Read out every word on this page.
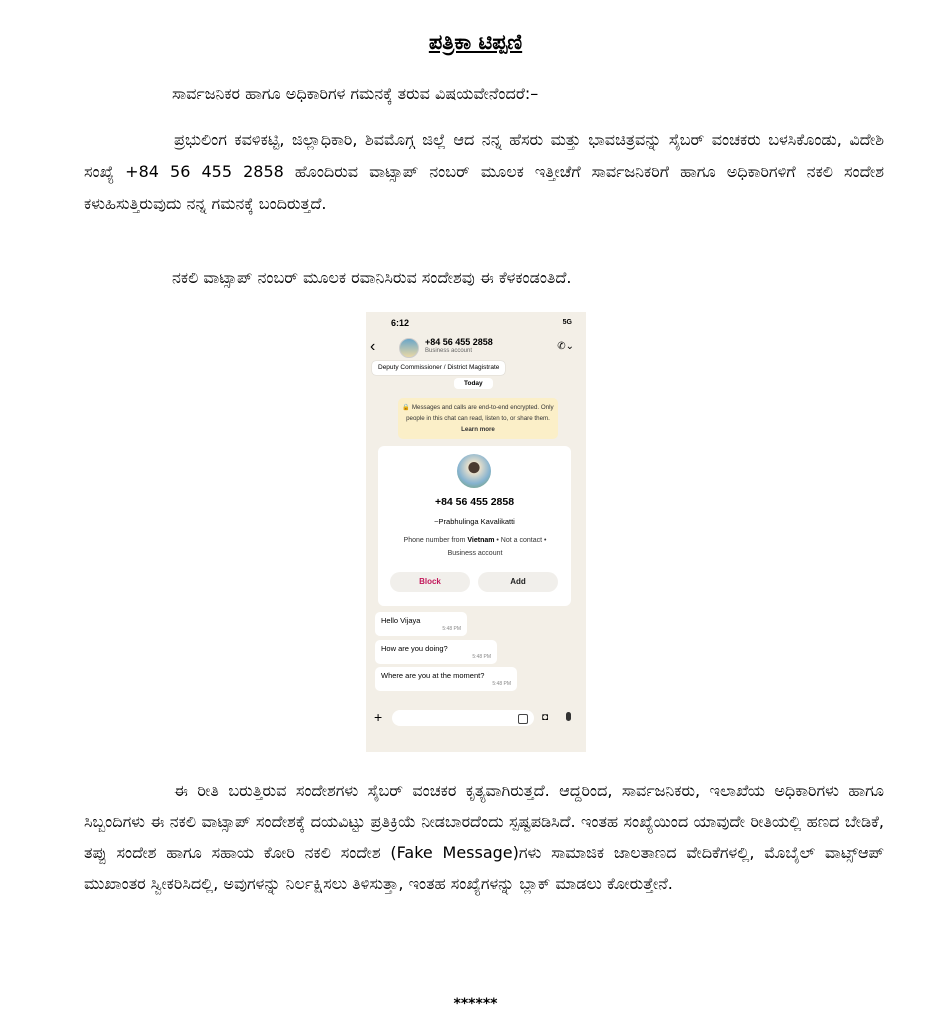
ಪತ್ರಿಕಾ ಟಿಪ್ಪಣಿ
ಸಾರ್ವಜನಿಕರ ಹಾಗೂ ಅಧಿಕಾರಿಗಳ ಗಮನಕ್ಕೆ ತರುವ ವಿಷಯವೇನೆಂದರೆ:–
ಪ್ರಭುಲಿಂಗ ಕವಳಿಕಟ್ಟಿ, ಜಿಲ್ಲಾಧಿಕಾರಿ, ಶಿವಮೊಗ್ಗ ಜಿಲ್ಲೆ ಆದ ನನ್ನ ಹೆಸರು ಮತ್ತು ಭಾವಚಿತ್ರವನ್ನು ಸೈಬರ್ ವಂಚಕರು ಬಳಸಿಕೊಂಡು, ವಿದೇಶಿ ಸಂಖ್ಯೆ +84 56 455 2858 ಹೊಂದಿರುವ ವಾಟ್ಸಾಪ್ ನಂಬರ್ ಮೂಲಕ ಇತ್ತೀಚೆಗೆ ಸಾರ್ವಜನಿಕರಿಗೆ ಹಾಗೂ ಅಧಿಕಾರಿಗಳಿಗೆ ನಕಲಿ ಸಂದೇಶ ಕಳುಹಿಸುತ್ತಿರುವುದು ನನ್ನ ಗಮನಕ್ಕೆ ಬಂದಿರುತ್ತದೆ.
ನಕಲಿ ವಾಟ್ಸಾಪ್ ನಂಬರ್ ಮೂಲಕ ರವಾನಿಸಿರುವ ಸಂದೇಶವು ಈ ಕೆಳಕಂಡಂತಿದೆ.
6:12	5G
‹	+84 56 455 2858
Business account	✆⌄
Deputy Commissioner / District Magistrate
Today
🔒 Messages and calls are end-to-end encrypted. Only people in this chat can read, listen to, or share them. Learn more
+84 56 455 2858
~Prabhulinga Kavalikatti
Phone number from Vietnam • Not a contact • Business account
Block	Add
Hello Vijaya
5:48 PM
How are you doing?
5:48 PM
Where are you at the moment?
5:48 PM
+	◘
ಈ ರೀತಿ ಬರುತ್ತಿರುವ ಸಂದೇಶಗಳು ಸೈಬರ್ ವಂಚಕರ ಕೃತ್ಯವಾಗಿರುತ್ತದೆ. ಆದ್ದರಿಂದ, ಸಾರ್ವಜನಿಕರು, ಇಲಾಖೆಯ ಅಧಿಕಾರಿಗಳು ಹಾಗೂ ಸಿಬ್ಬಂದಿಗಳು ಈ ನಕಲಿ ವಾಟ್ಸಾಪ್ ಸಂದೇಶಕ್ಕೆ ದಯವಿಟ್ಟು ಪ್ರತಿಕ್ರಿಯೆ ನೀಡಬಾರದೆಂದು ಸ್ಪಷ್ಟಪಡಿಸಿದೆ. ಇಂತಹ ಸಂಖ್ಯೆಯಿಂದ ಯಾವುದೇ ರೀತಿಯಲ್ಲಿ ಹಣದ ಬೇಡಿಕೆ, ತಪ್ಪು ಸಂದೇಶ ಹಾಗೂ ಸಹಾಯ ಕೋರಿ ನಕಲಿ ಸಂದೇಶ (Fake Message)ಗಳು ಸಾಮಾಜಿಕ ಜಾಲತಾಣದ ವೇದಿಕೆಗಳಲ್ಲಿ, ಮೊಬೈಲ್ ವಾಟ್ಸ್‌ಆಪ್ ಮುಖಾಂತರ ಸ್ವೀಕರಿಸಿದಲ್ಲಿ, ಅವುಗಳನ್ನು ನಿರ್ಲಕ್ಷಿಸಲು ತಿಳಿಸುತ್ತಾ, ಇಂತಹ ಸಂಖ್ಯೆಗಳನ್ನು ಬ್ಲಾಕ್ ಮಾಡಲು ಕೋರುತ್ತೇನೆ.
******
